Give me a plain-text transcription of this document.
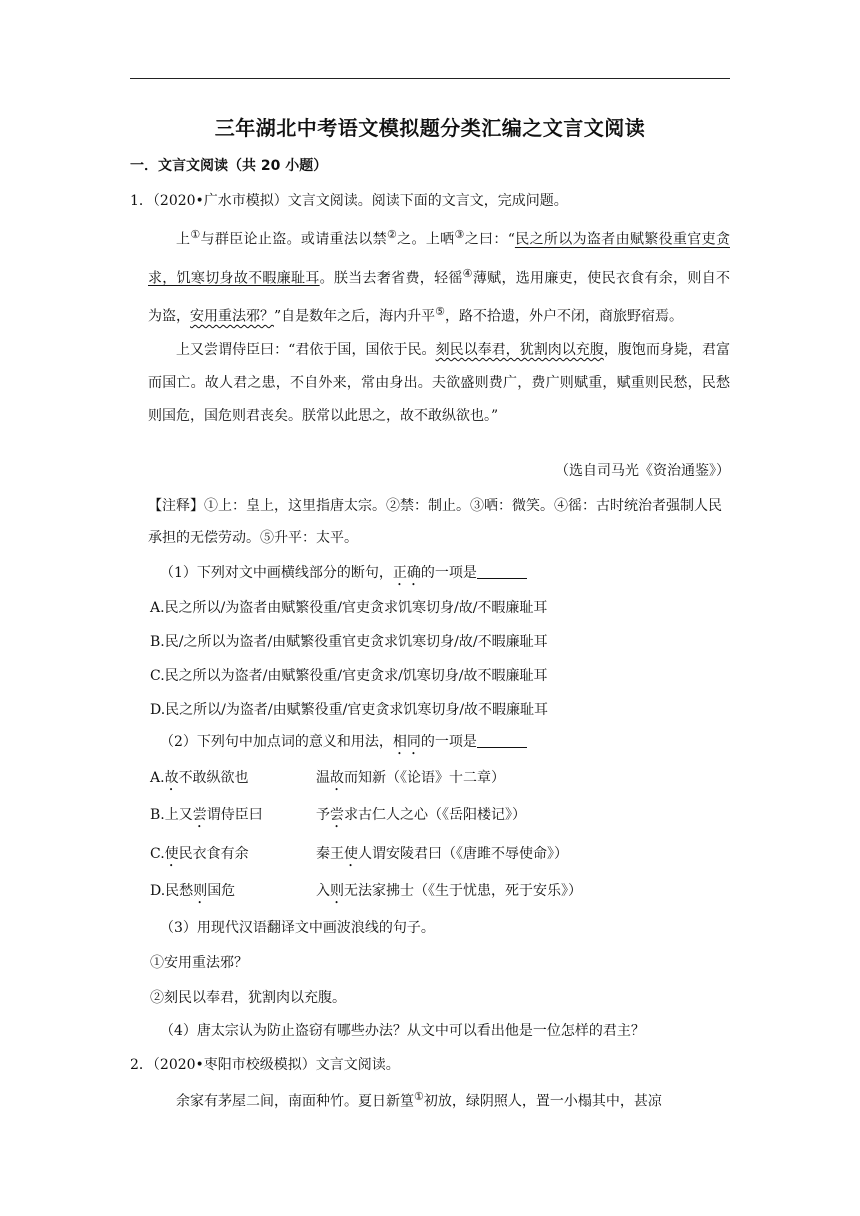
三年湖北中考语文模拟题分类汇编之文言文阅读
一．文言文阅读（共 20 小题）
1．（2020•广水市模拟）文言文阅读。阅读下面的文言文，完成问题。

上①与群臣论止盗。或请重法以禁②之。上哂③之曰：“民之所以为盗者由赋繁役重官吏贪求，饥寒切身故不暇廉耻耳。朕当去奢省费，轻徭④薄赋，选用廉吏，使民衣食有余，则自不为盗，安用重法邪？”自是数年之后，海内升平⑤，路不拾遗，外户不闭，商旅野宿焉。

上又尝谓侍臣曰：“君依于国，国依于民。刻民以奉君，犹割肉以充腹，腹饱而身毙，君富而国亡。故人君之患，不自外来，常由身出。夫欲盛则费广，费广则赋重，赋重则民愁，民愁则国危，国危则君丧矣。朕常以此思之，故不敢纵欲也。”

（选自司马光《资治通鉴》）
【注释】①上：皇上，这里指唐太宗。②禁：制止。③哂：微笑。④徭：古时统治者强制人民承担的无偿劳动。⑤升平：太平。
（1）下列对文中画横线部分的断句，正确的一项是
A.民之所以/为盗者由赋繁役重/官吏贪求饥寒切身/故/不暇廉耻耳
B.民/之所以为盗者/由赋繁役重官吏贪求饥寒切身/故/不暇廉耻耳
C.民之所以为盗者/由赋繁役重/官吏贪求/饥寒切身/故不暇廉耻耳
D.民之所以/为盗者/由赋繁役重/官吏贪求饥寒切身/故不暇廉耻耳
（2）下列句中加点词的意义和用法，相同的一项是
A.故不敢纵欲也	温故而知新（《论语》十二章）
B.上又尝谓侍臣曰	予尝求古仁人之心（《岳阳楼记》）
C.使民衣食有余	秦王使人谓安陵君曰（《唐雎不辱使命》）
D.民愁则国危	入则无法家拂士（《生于忧患，死于安乐》）
（3）用现代汉语翻译文中画波浪线的句子。
①安用重法邪？
②刻民以奉君，犹割肉以充腹。
（4）唐太宗认为防止盗窃有哪些办法？从文中可以看出他是一位怎样的君主？
2．（2020•枣阳市校级模拟）文言文阅读。

余家有茅屋二间，南面种竹。夏日新篁①初放，绿阴照人，置一小榻其中，甚凉
